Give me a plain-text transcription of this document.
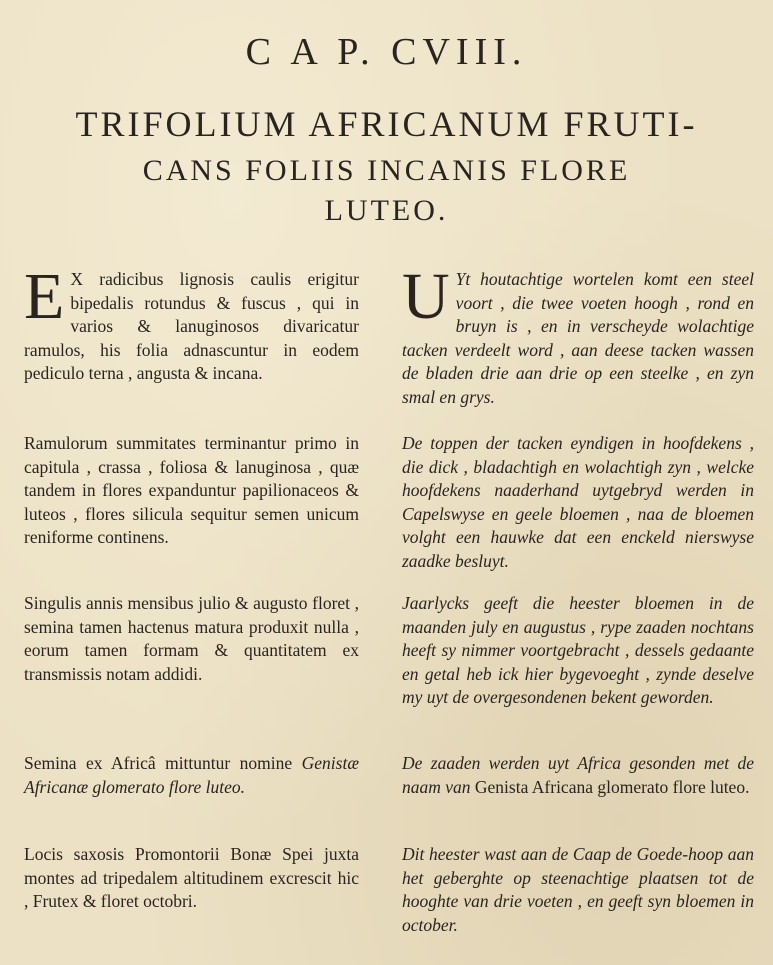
C A P. CVIII.
TRIFOLIUM AFRICANUM FRUTI-
CANS FOLIIS INCANIS FLORE
LUTEO.
E X radicibus lignosis caulis erigitur bipedalis rotundus & fuscus , qui in varios & lanuginosos divaricatur ramulos, his folia adnascuntur in eodem pediculo terna , angusta & incana.
Ramulorum summitates terminantur primo in capitula , crassa , foliosa & lanuginosa , quæ tandem in flores expanduntur papilionaceos & luteos , flores silicula sequitur semen unicum reniforme continens.
Singulis annis mensibus julio & augusto floret , semina tamen hactenus matura produxit nulla , eorum tamen formam & quantitatem ex transmissis notam addidi.
Semina ex Africâ mittuntur nomine Genistæ Africanæ glomerato flore luteo.
Locis saxosis Promontorii Bonæ Spei juxta montes ad tripedalem altitudinem excrescit hic , Frutex & floret octobri.
U Yt houtachtige wortelen komt een steel voort , die twee voeten hoogh , rond en bruyn is , en in verscheyde wolachtige tacken verdeelt word , aan deese tacken wassen de bladen drie aan drie op een steelke , en zyn smal en grys.
De toppen der tacken eyndigen in hoofdekens , die dick , bladachtigh en wolachtigh zyn , welcke hoofdekens naaderhand uytgebryd werden in Capelswyse en geele bloemen , naa de bloemen volght een hauwke dat een enckeld nierswyse zaadke besluyt.
Jaarlycks geeft die heester bloemen in de maanden july en augustus , rype zaaden nochtans heeft sy nimmer voortgebracht , dessels gedaante en getal heb ick hier bygevoeght , zynde deselve my uyt de overgesondenen bekent geworden.
De zaaden werden uyt Africa gesonden met de naam van Genista Africana glomerato flore luteo.
Dit heester wast aan de Caap de Goede-hoop aan het geberghte op steenachtige plaatsen tot de hooghte van drie voeten , en geeft syn bloemen in october.
